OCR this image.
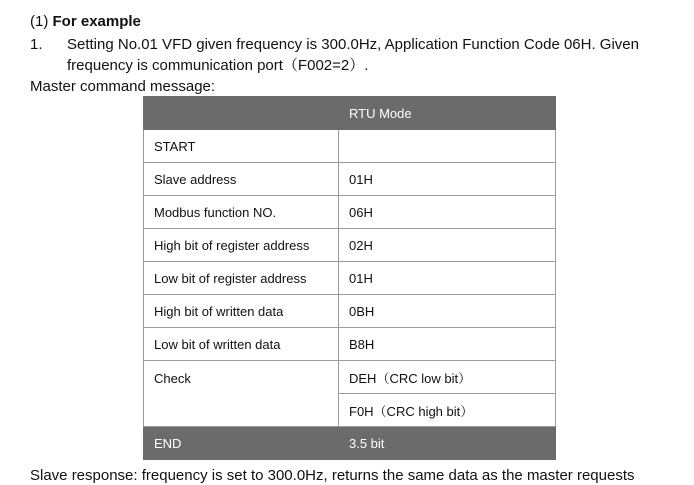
(1) For example
1. Setting No.01 VFD given frequency is 300.0Hz, Application Function Code 06H. Given
frequency is communication port（F002=2）.
Master command message:
	RTU Mode
START	
Slave address	01H
Modbus function NO.	06H
High bit of register address	02H
Low bit of register address	01H
High bit of written data	0BH
Low bit of written data	B8H
Check	DEH（CRC low bit）
	F0H（CRC high bit）
END	3.5 bit
Slave response: frequency is set to 300.0Hz, returns the same data as the master requests
